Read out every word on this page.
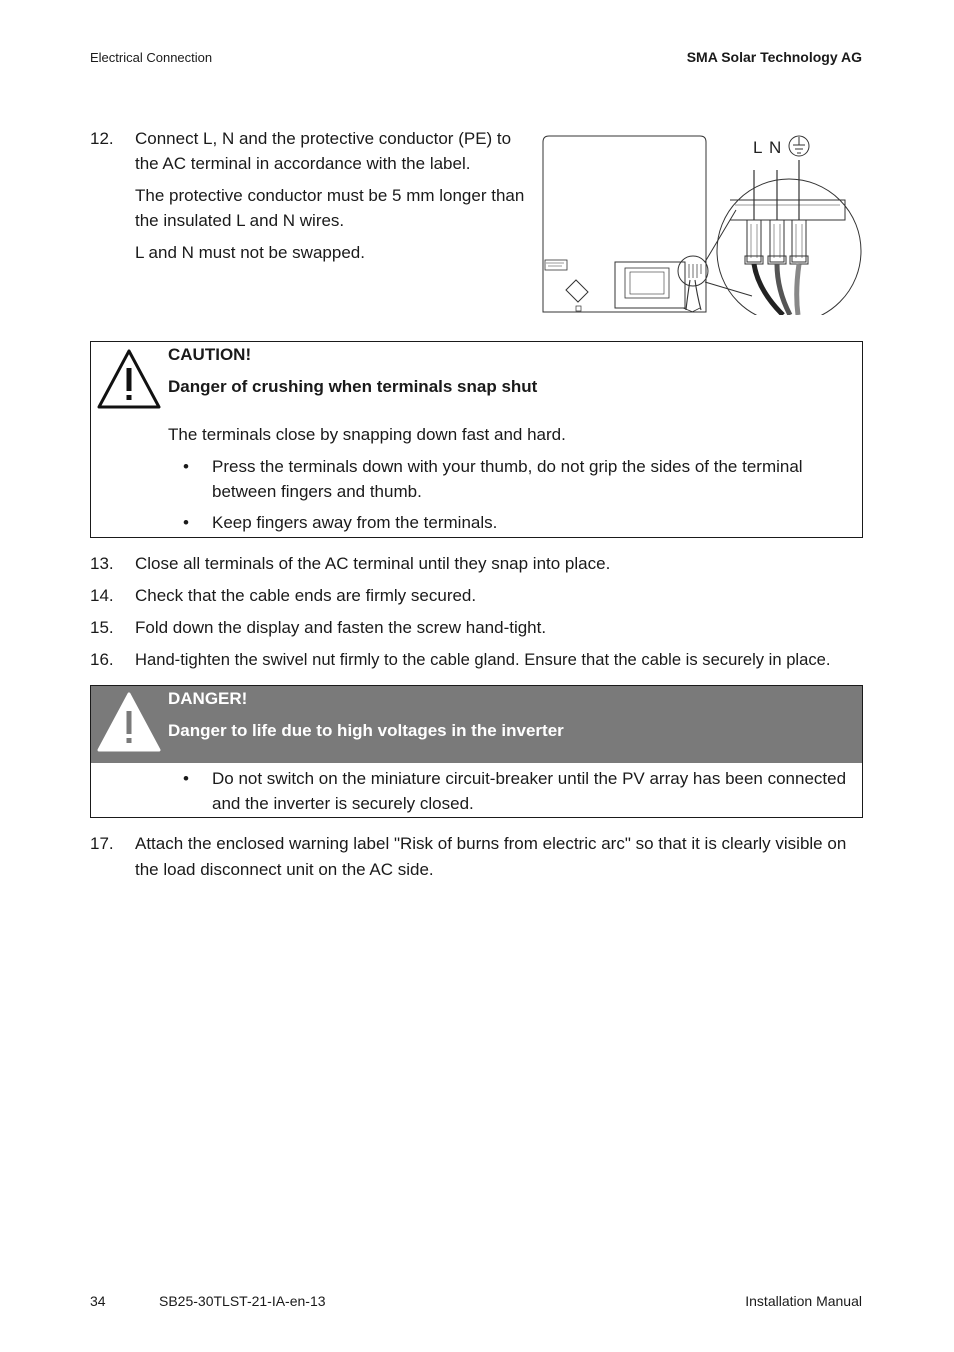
Electrical Connection	SMA Solar Technology AG
12. Connect L, N and the protective conductor (PE) to
the AC terminal in accordance with the label.
The protective conductor must be 5 mm longer than
the insulated L and N wires.
L and N must not be swapped.
L N
CAUTION!
Danger of crushing when terminals snap shut
The terminals close by snapping down fast and hard.
• Press the terminals down with your thumb, do not grip the sides of the terminal
between fingers and thumb.
• Keep fingers away from the terminals.
13. Close all terminals of the AC terminal until they snap into place.
14. Check that the cable ends are firmly secured.
15. Fold down the display and fasten the screw hand-tight.
16. Hand-tighten the swivel nut firmly to the cable gland. Ensure that the cable is securely in place.
DANGER!
Danger to life due to high voltages in the inverter
• Do not switch on the miniature circuit-breaker until the PV array has been connected
and the inverter is securely closed.
17. Attach the enclosed warning label "Risk of burns from electric arc" so that it is clearly visible on
the load disconnect unit on the AC side.
34	SB25-30TLST-21-IA-en-13	Installation Manual
